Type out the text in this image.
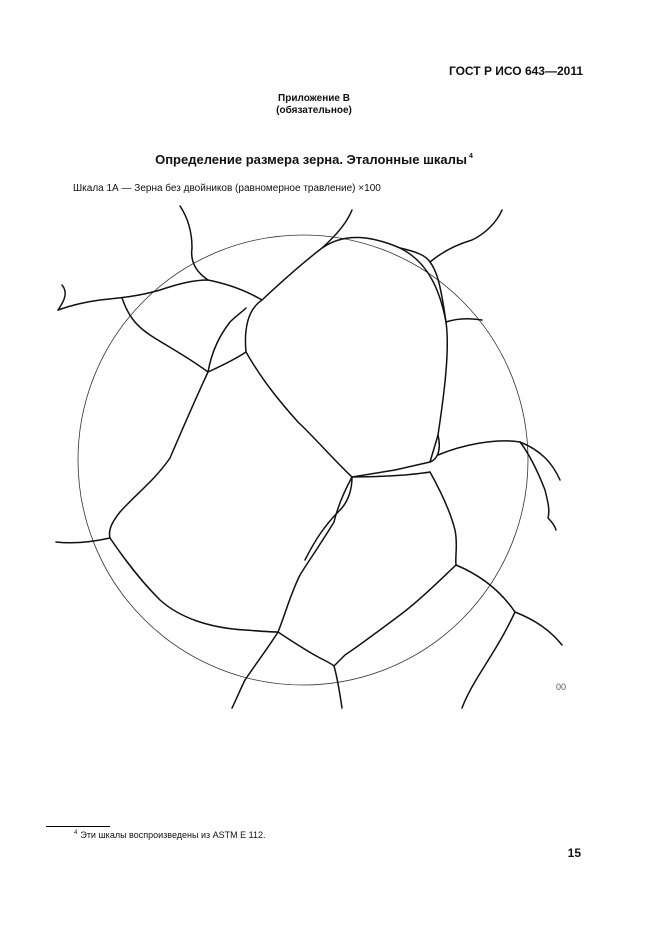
ГОСТ Р ИСО 643—2011
Приложение В
(обязательное)
Определение размера зерна. Эталонные шкалы $^4$
Шкала 1А — Зерна без двойников (равномерное травление) ×100
00
$^4$ Эти шкалы воспроизведены из ASTM Е 112.
15
